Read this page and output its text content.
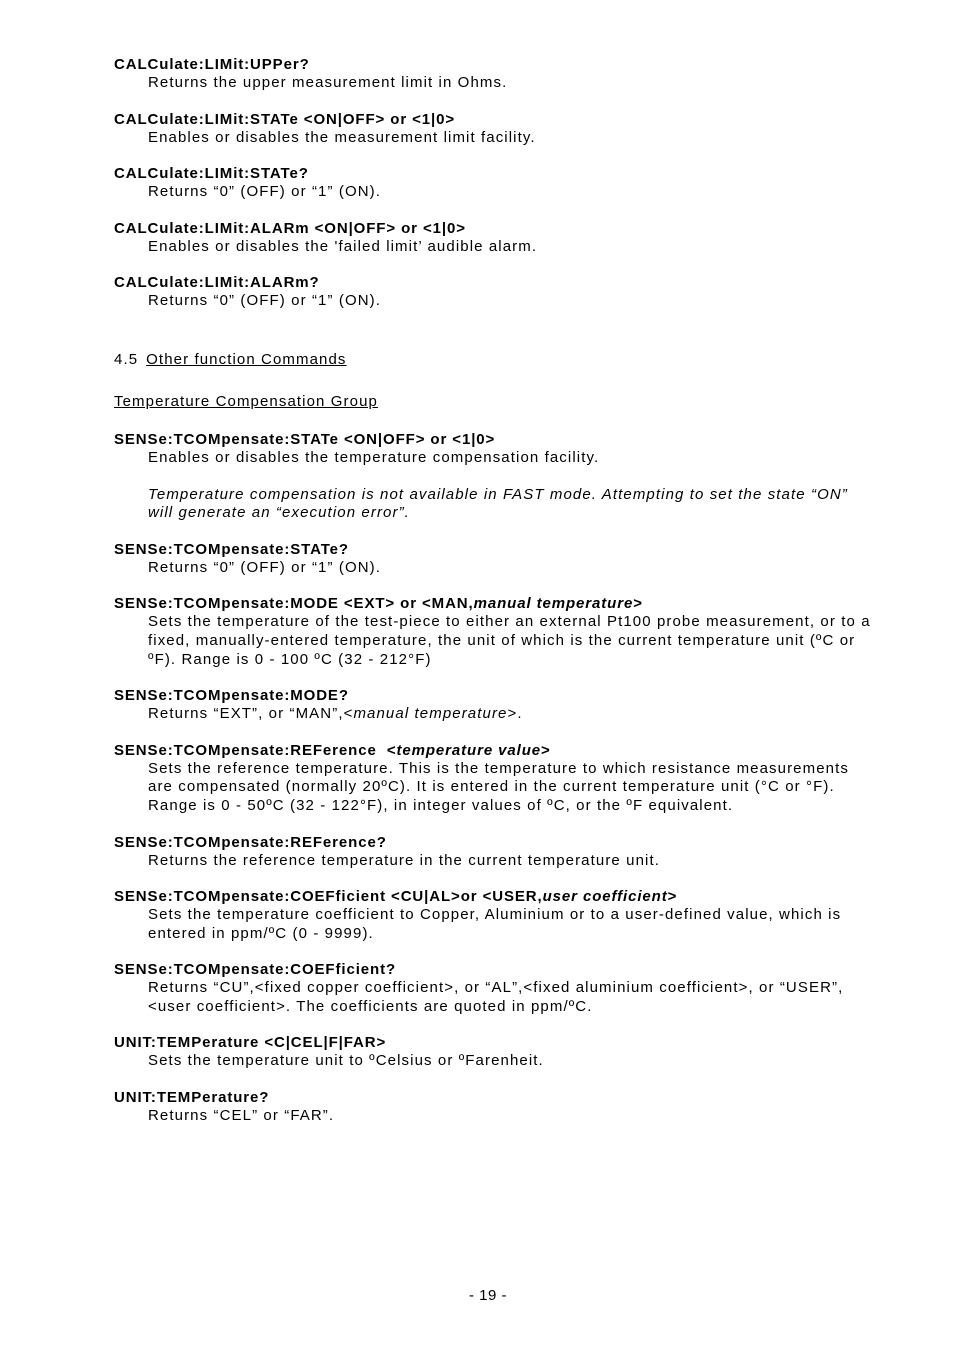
CALCulate:LIMit:UPPer?
Returns the upper measurement limit in Ohms.
CALCulate:LIMit:STATe <ON|OFF> or <1|0>
Enables or disables the measurement limit facility.
CALCulate:LIMit:STATe?
Returns “0” (OFF) or “1” (ON).
CALCulate:LIMit:ALARm <ON|OFF> or <1|0>
Enables or disables the 'failed limit’ audible alarm.
CALCulate:LIMit:ALARm?
Returns “0” (OFF) or “1” (ON).
4.5 Other function Commands
Temperature Compensation Group
SENSe:TCOMpensate:STATe <ON|OFF> or <1|0>
Enables or disables the temperature compensation facility.
Temperature compensation is not available in FAST mode. Attempting to set the state “ON” will generate an “execution error”.
SENSe:TCOMpensate:STATe?
Returns “0” (OFF) or “1” (ON).
SENSe:TCOMpensate:MODE <EXT> or <MAN,manual temperature>
Sets the temperature of the test-piece to either an external Pt100 probe measurement, or to a fixed, manually-entered temperature, the unit of which is the current temperature unit (ºC or ºF). Range is 0 - 100 ºC (32 - 212°F)
SENSe:TCOMpensate:MODE?
Returns “EXT”, or “MAN”,<manual temperature>.
SENSe:TCOMpensate:REFerence  <temperature value>
Sets the reference temperature. This is the temperature to which resistance measurements are compensated (normally 20ºC). It is entered in the current temperature unit (°C or °F). Range is 0 - 50ºC (32 - 122°F), in integer values of ºC, or the ºF equivalent.
SENSe:TCOMpensate:REFerence?
Returns the reference temperature in the current temperature unit.
SENSe:TCOMpensate:COEFficient <CU|AL>or <USER,user coefficient>
Sets the temperature coefficient to Copper, Aluminium or to a user-defined value, which is entered in ppm/ºC (0 - 9999).
SENSe:TCOMpensate:COEFficient?
Returns “CU”,<fixed copper coefficient>, or “AL”,<fixed aluminium coefficient>, or “USER”,<user coefficient>. The coefficients are quoted in ppm/ºC.
UNIT:TEMPerature <C|CEL|F|FAR>
Sets the temperature unit to ºCelsius or ºFarenheit.
UNIT:TEMPerature?
Returns “CEL” or “FAR”.
- 19 -
